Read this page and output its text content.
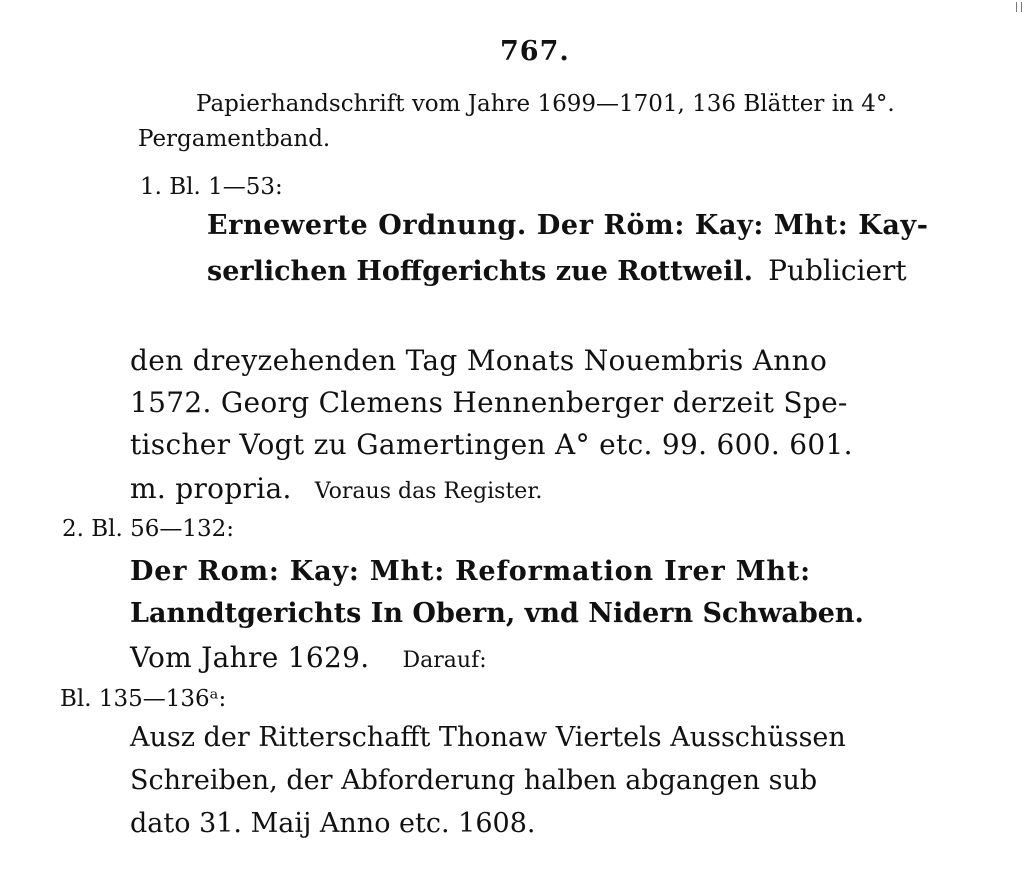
767.
Papierhandschrift vom Jahre 1699—1701, 136 Blätter in 4°.
Pergamentband.
1. Bl. 1—53:
Ernewerte Ordnung. Der Röm: Kay: Mht: Kay-
serlichen Hoffgerichts zue Rottweil. Publiciert
den dreyzehenden Tag Monats Nouembris Anno
1572. Georg Clemens Hennenberger derzeit Spe-
tischer Vogt zu Gamertingen A° etc. 99. 600. 601.
m. propria. Voraus das Register.
2. Bl. 56—132:
Der Rom: Kay: Mht: Reformation Irer Mht:
Lanndtgerichts In Obern, vnd Nidern Schwaben.
Vom Jahre 1629. Darauf:
Bl. 135—136ᵃ:
Ausz der Ritterschafft Thonaw Viertels Ausschüssen
Schreiben, der Abforderung halben abgangen sub
dato 31. Maij Anno etc. 1608.
